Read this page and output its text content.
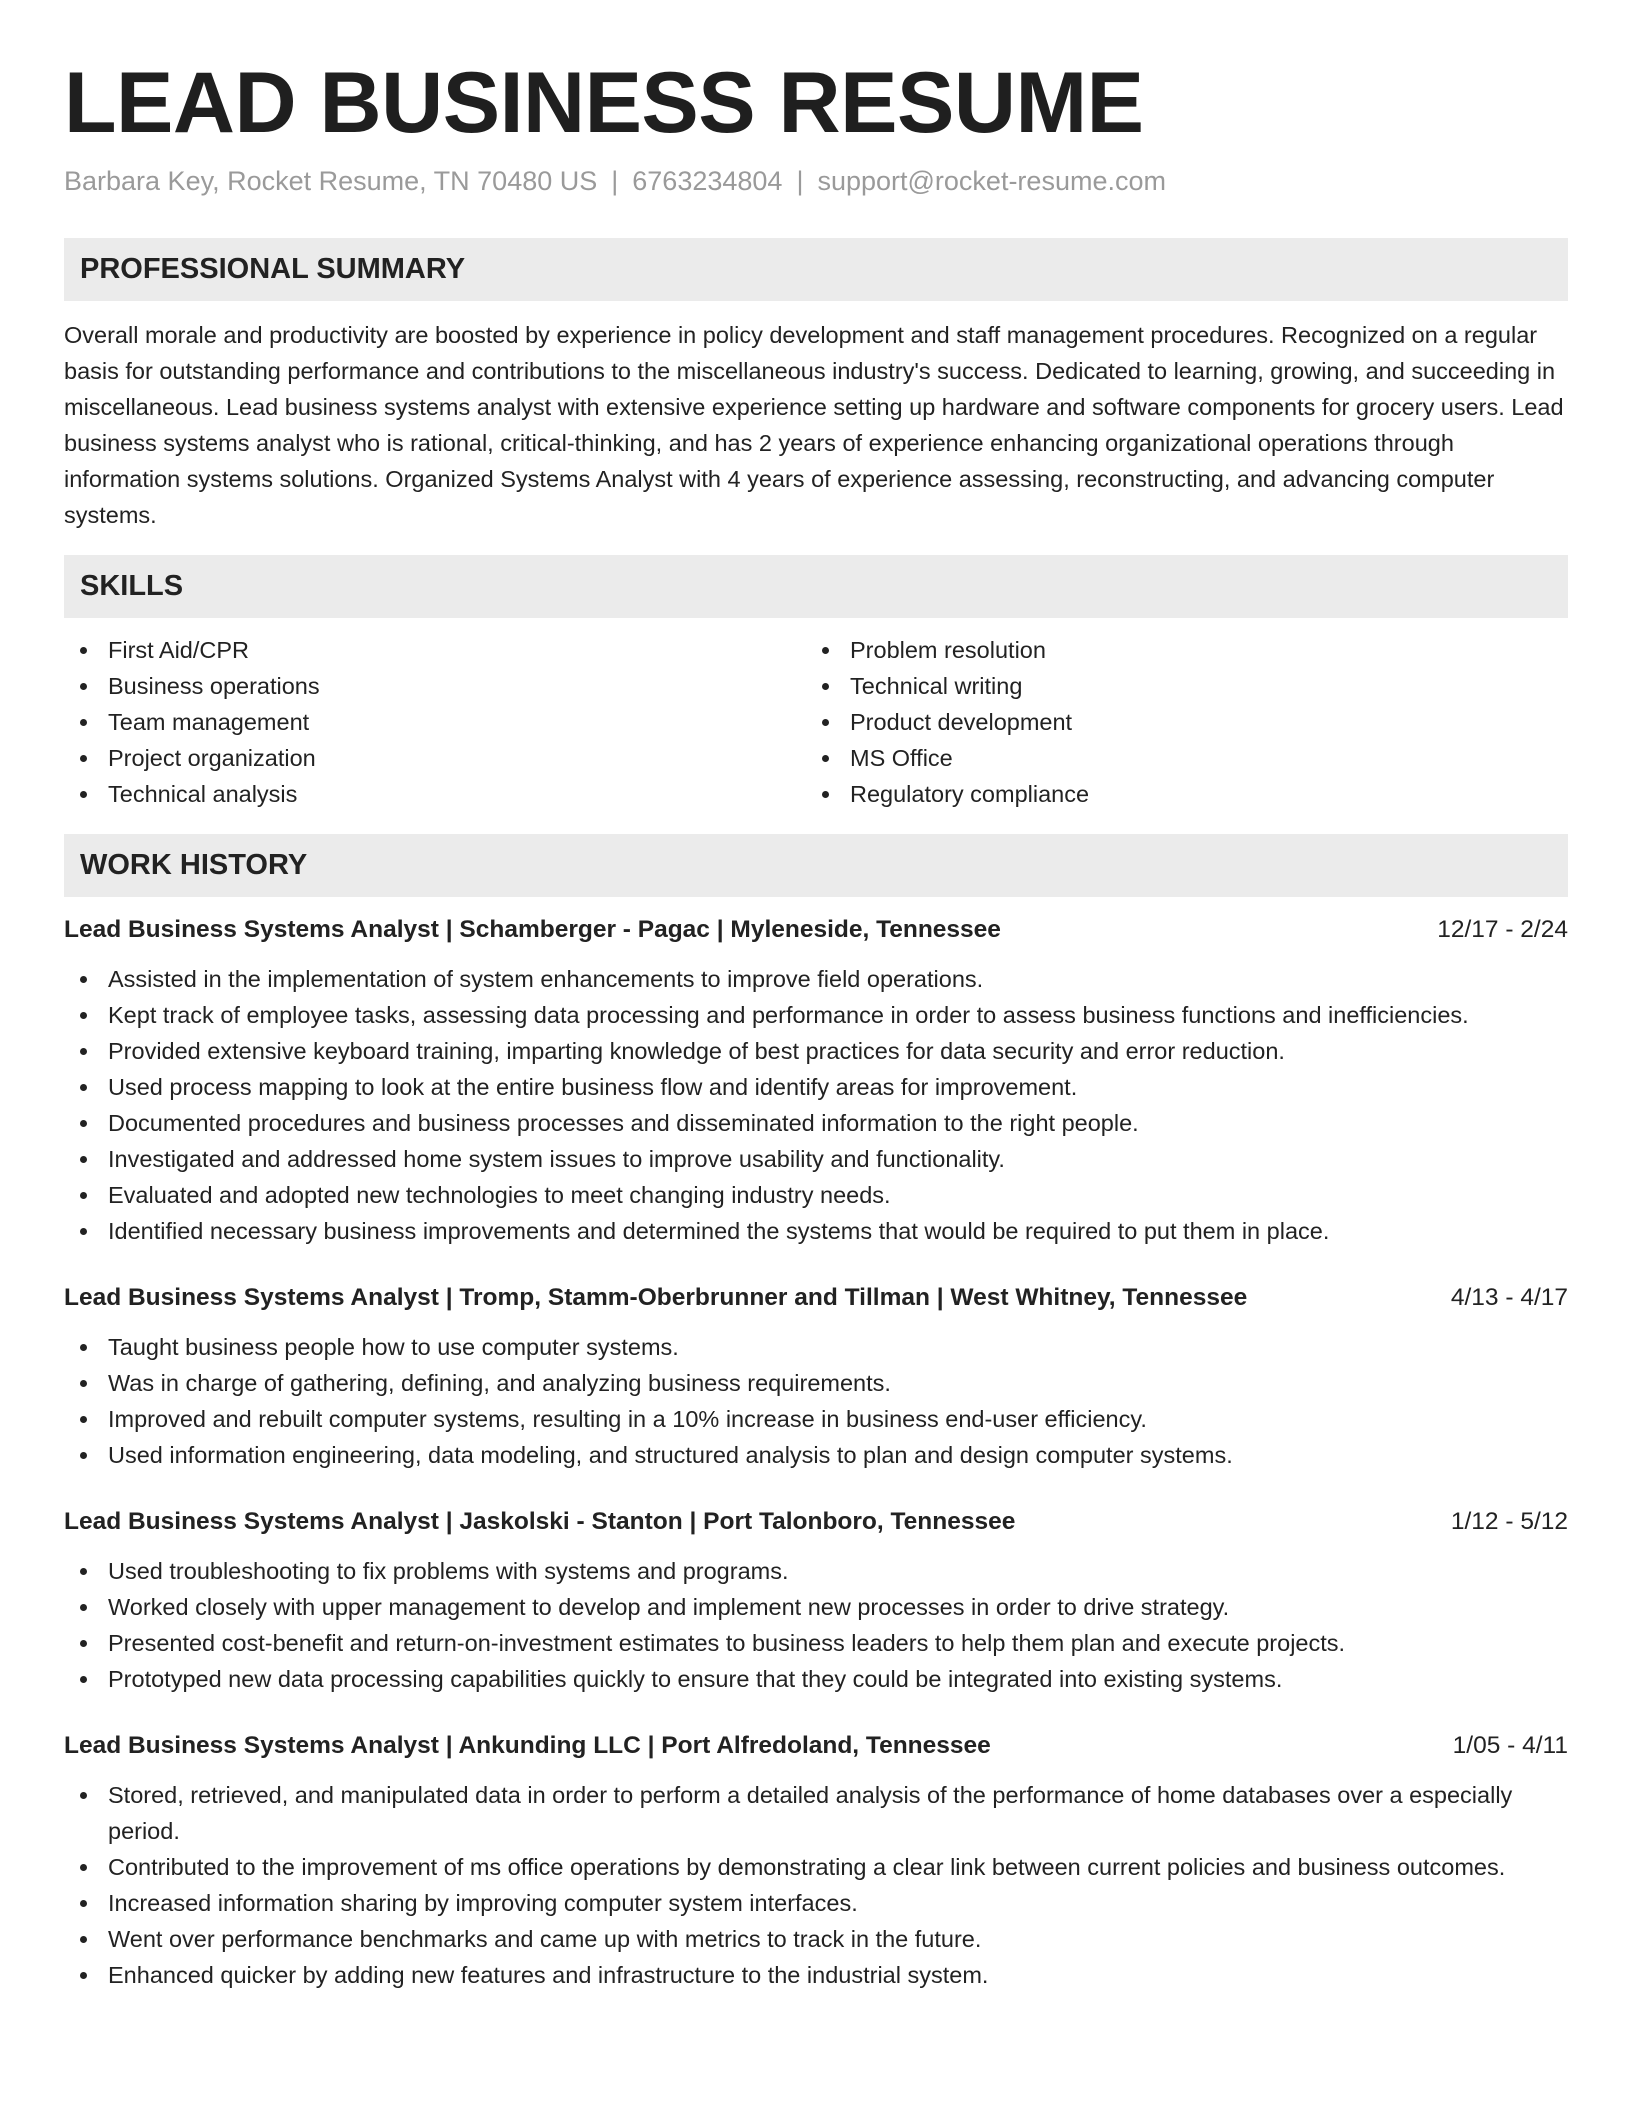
LEAD BUSINESS RESUME
Barbara Key, Rocket Resume, TN 70480 US | 6763234804 | support@rocket-resume.com
PROFESSIONAL SUMMARY

Overall morale and productivity are boosted by experience in policy development and staff management procedures. Recognized on a regular basis for outstanding performance and contributions to the miscellaneous industry's success. Dedicated to learning, growing, and succeeding in miscellaneous. Lead business systems analyst with extensive experience setting up hardware and software components for grocery users. Lead business systems analyst who is rational, critical-thinking, and has 2 years of experience enhancing organizational operations through information systems solutions. Organized Systems Analyst with 4 years of experience assessing, reconstructing, and advancing computer systems.

SKILLS
First Aid/CPR
Business operations
Team management
Project organization
Technical analysis
Problem resolution
Technical writing
Product development
MS Office
Regulatory compliance
WORK HISTORY
Lead Business Systems Analyst | Schamberger - Pagac | Myleneside, Tennessee	12/17 - 2/24
Assisted in the implementation of system enhancements to improve field operations.
Kept track of employee tasks, assessing data processing and performance in order to assess business functions and inefficiencies.
Provided extensive keyboard training, imparting knowledge of best practices for data security and error reduction.
Used process mapping to look at the entire business flow and identify areas for improvement.
Documented procedures and business processes and disseminated information to the right people.
Investigated and addressed home system issues to improve usability and functionality.
Evaluated and adopted new technologies to meet changing industry needs.
Identified necessary business improvements and determined the systems that would be required to put them in place.
Lead Business Systems Analyst | Tromp, Stamm-Oberbrunner and Tillman | West Whitney, Tennessee	4/13 - 4/17
Taught business people how to use computer systems.
Was in charge of gathering, defining, and analyzing business requirements.
Improved and rebuilt computer systems, resulting in a 10% increase in business end-user efficiency.
Used information engineering, data modeling, and structured analysis to plan and design computer systems.
Lead Business Systems Analyst | Jaskolski - Stanton | Port Talonboro, Tennessee	1/12 - 5/12
Used troubleshooting to fix problems with systems and programs.
Worked closely with upper management to develop and implement new processes in order to drive strategy.
Presented cost-benefit and return-on-investment estimates to business leaders to help them plan and execute projects.
Prototyped new data processing capabilities quickly to ensure that they could be integrated into existing systems.
Lead Business Systems Analyst | Ankunding LLC | Port Alfredoland, Tennessee	1/05 - 4/11
Stored, retrieved, and manipulated data in order to perform a detailed analysis of the performance of home databases over a especially period.
Contributed to the improvement of ms office operations by demonstrating a clear link between current policies and business outcomes.
Increased information sharing by improving computer system interfaces.
Went over performance benchmarks and came up with metrics to track in the future.
Enhanced quicker by adding new features and infrastructure to the industrial system.
